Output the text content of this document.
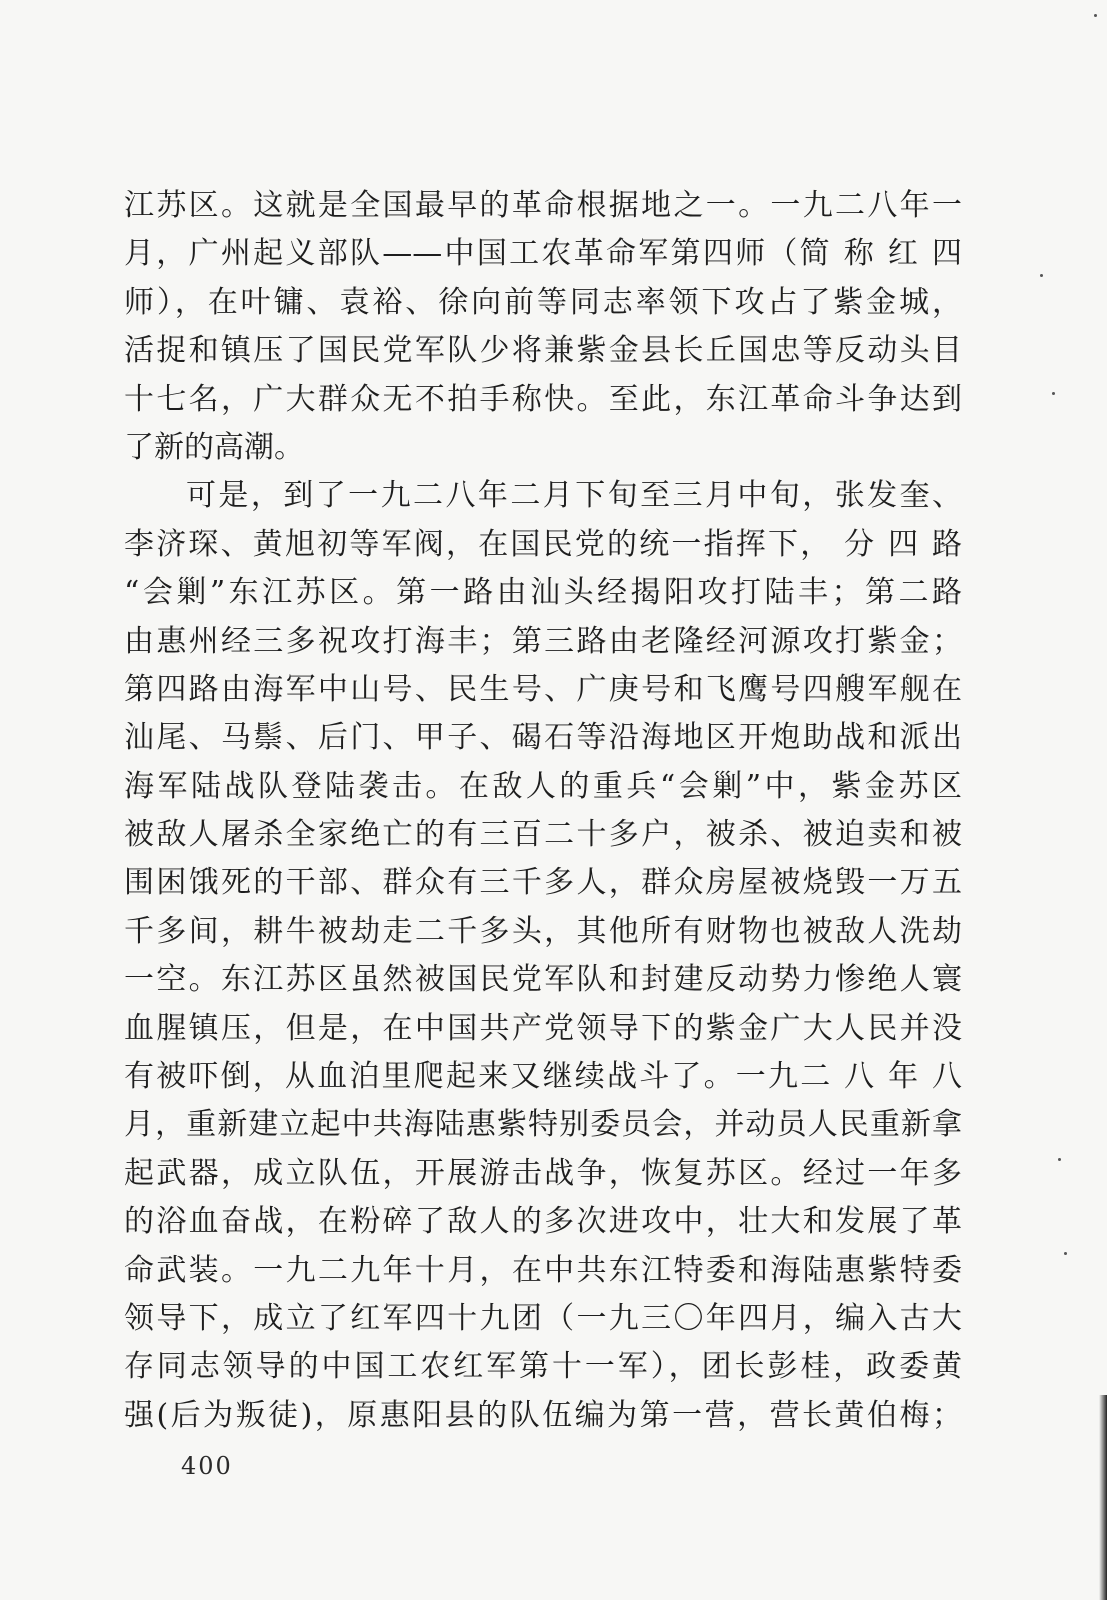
江苏区。这就是全国最早的革命根据地之一。一九二八年一
月，广州起义部队——中国工农革命军第四师（简 称 红 四
师），在叶镛、袁裕、徐向前等同志率领下攻占了紫金城，
活捉和镇压了国民党军队少将兼紫金县长丘国忠等反动头目
十七名，广大群众无不拍手称快。至此，东江革命斗争达到
了新的高潮。
可是，到了一九二八年二月下旬至三月中旬，张发奎、
李济琛、黄旭初等军阀，在国民党的统一指挥下， 分 四 路
“会剿”东江苏区。第一路由汕头经揭阳攻打陆丰；第二路
由惠州经三多祝攻打海丰；第三路由老隆经河源攻打紫金；
第四路由海军中山号、民生号、广庚号和飞鹰号四艘军舰在
汕尾、马鬃、后门、甲子、碣石等沿海地区开炮助战和派出
海军陆战队登陆袭击。在敌人的重兵“会剿”中，紫金苏区
被敌人屠杀全家绝亡的有三百二十多户，被杀、被迫卖和被
围困饿死的干部、群众有三千多人，群众房屋被烧毁一万五
千多间，耕牛被劫走二千多头，其他所有财物也被敌人洗劫
一空。东江苏区虽然被国民党军队和封建反动势力惨绝人寰
血腥镇压，但是，在中国共产党领导下的紫金广大人民并没
有被吓倒，从血泊里爬起来又继续战斗了。一九二 八 年 八
月，重新建立起中共海陆惠紫特别委员会，并动员人民重新拿
起武器，成立队伍，开展游击战争，恢复苏区。经过一年多
的浴血奋战，在粉碎了敌人的多次进攻中，壮大和发展了革
命武装。一九二九年十月，在中共东江特委和海陆惠紫特委
领导下，成立了红军四十九团（一九三〇年四月，编入古大
存同志领导的中国工农红军第十一军），团长彭桂，政委黄
强(后为叛徒)，原惠阳县的队伍编为第一营，营长黄伯梅；
400
